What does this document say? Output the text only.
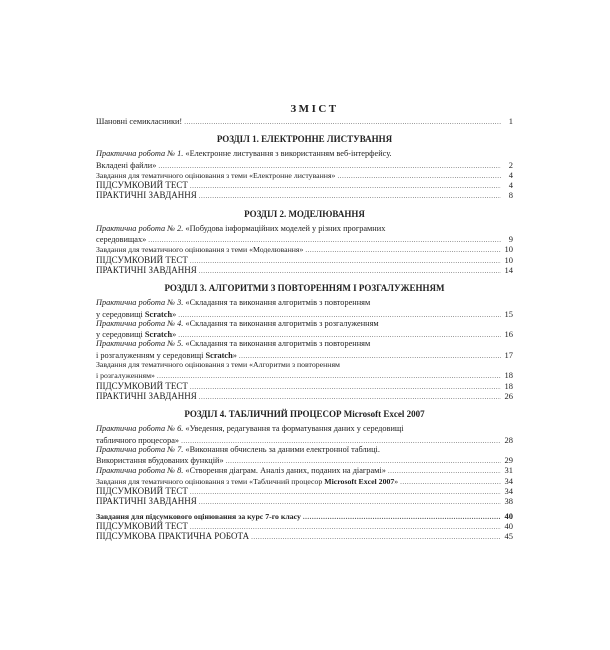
ЗМІСТ
Шановні семикласники! .....	1
РОЗДІЛ 1. ЕЛЕКТРОННЕ ЛИСТУВАННЯ
Практична робота № 1. «Електронне листування з використанням веб-інтерфейсу.
Вкладені файли» .....	2
Завдання для тематичного оцінювання з теми «Електронне листування» .....	4
ПІДСУМКОВИЙ ТЕСТ .....	4
ПРАКТИЧНІ ЗАВДАННЯ .....	8
РОЗДІЛ 2. МОДЕЛЮВАННЯ
Практична робота № 2. «Побудова інформаційних моделей у різних програмних
середовищах» .....	9
Завдання для тематичного оцінювання з теми «Моделювання» .....	10
ПІДСУМКОВИЙ ТЕСТ .....	10
ПРАКТИЧНІ ЗАВДАННЯ .....	14
РОЗДІЛ 3. АЛГОРИТМИ З ПОВТОРЕННЯМ І РОЗГАЛУЖЕННЯМ
Практична робота № 3. «Складання та виконання алгоритмів з повторенням
у середовищі Scratch» .....	15
Практична робота № 4. «Складання та виконання алгоритмів з розгалуженням
у середовищі Scratch» .....	16
Практична робота № 5. «Складання та виконання алгоритмів з повторенням
і розгалуженням у середовищі Scratch» .....	17
Завдання для тематичного оцінювання з теми «Алгоритми з повторенням
і розгалуженням» .....	18
ПІДСУМКОВИЙ ТЕСТ .....	18
ПРАКТИЧНІ ЗАВДАННЯ .....	26
РОЗДІЛ 4. ТАБЛИЧНИЙ ПРОЦЕСОР Microsoft Excel 2007
Практична робота № 6. «Уведення, редагування та форматування даних у середовищі
табличного процесора» .....	28
Практична робота № 7. «Виконання обчислень за даними електронної таблиці.
Використання вбудованих функцій» .....	29
Практична робота № 8. «Створення діаграм. Аналіз даних, поданих на діаграмі» .....	31
Завдання для тематичного оцінювання з теми «Табличний процесор Microsoft Excel 2007» .....	34
ПІДСУМКОВИЙ ТЕСТ .....	34
ПРАКТИЧНІ ЗАВДАННЯ .....	38
Завдання для підсумкового оцінювання за курс 7-го класу .....	40
ПІДСУМКОВИЙ ТЕСТ .....	40
ПІДСУМКОВА ПРАКТИЧНА РОБОТА .....	45
